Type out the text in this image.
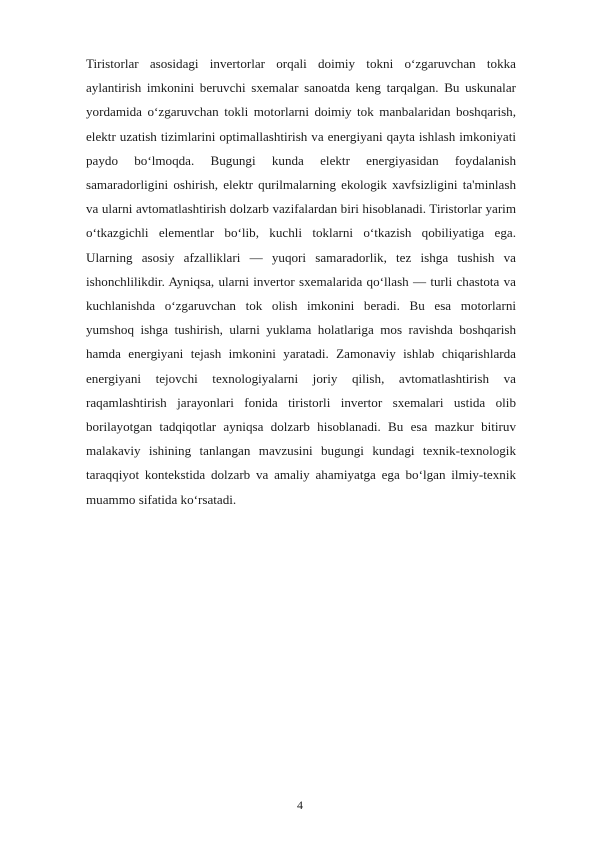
Tiristorlar asosidagi invertorlar orqali doimiy tokni o‘zgaruvchan tokka aylantirish imkonini beruvchi sxemalar sanoatda keng tarqalgan. Bu uskunalar yordamida o‘zgaruvchan tokli motorlarni doimiy tok manbalaridan boshqarish, elektr uzatish tizimlarini optimallashtirish va energiyani qayta ishlash imkoniyati paydo bo‘lmoqda. Bugungi kunda elektr energiyasidan foydalanish samaradorligini oshirish, elektr qurilmalarning ekologik xavfsizligini ta'minlash va ularni avtomatlashtirish dolzarb vazifalardan biri hisoblanadi. Tiristorlar yarim o‘tkazgichli elementlar bo‘lib, kuchli toklarni o‘tkazish qobiliyatiga ega. Ularning asosiy afzalliklari — yuqori samaradorlik, tez ishga tushish va ishonchlilikdir. Ayniqsa, ularni invertor sxemalarida qo‘llash — turli chastota va kuchlanishda o‘zgaruvchan tok olish imkonini beradi. Bu esa motorlarni yumshoq ishga tushirish, ularni yuklama holatlariga mos ravishda boshqarish hamda energiyani tejash imkonini yaratadi. Zamonaviy ishlab chiqarishlarda energiyani tejovchi texnologiyalarni joriy qilish, avtomatlashtirish va raqamlashtirish jarayonlari fonida tiristorli invertor sxemalari ustida olib borilayotgan tadqiqotlar ayniqsa dolzarb hisoblanadi. Bu esa mazkur bitiruv malakaviy ishining tanlangan mavzusini bugungi kundagi texnik-texnologik taraqqiyot kontekstida dolzarb va amaliy ahamiyatga ega bo‘lgan ilmiy-texnik muammo sifatida ko‘rsatadi.

4
